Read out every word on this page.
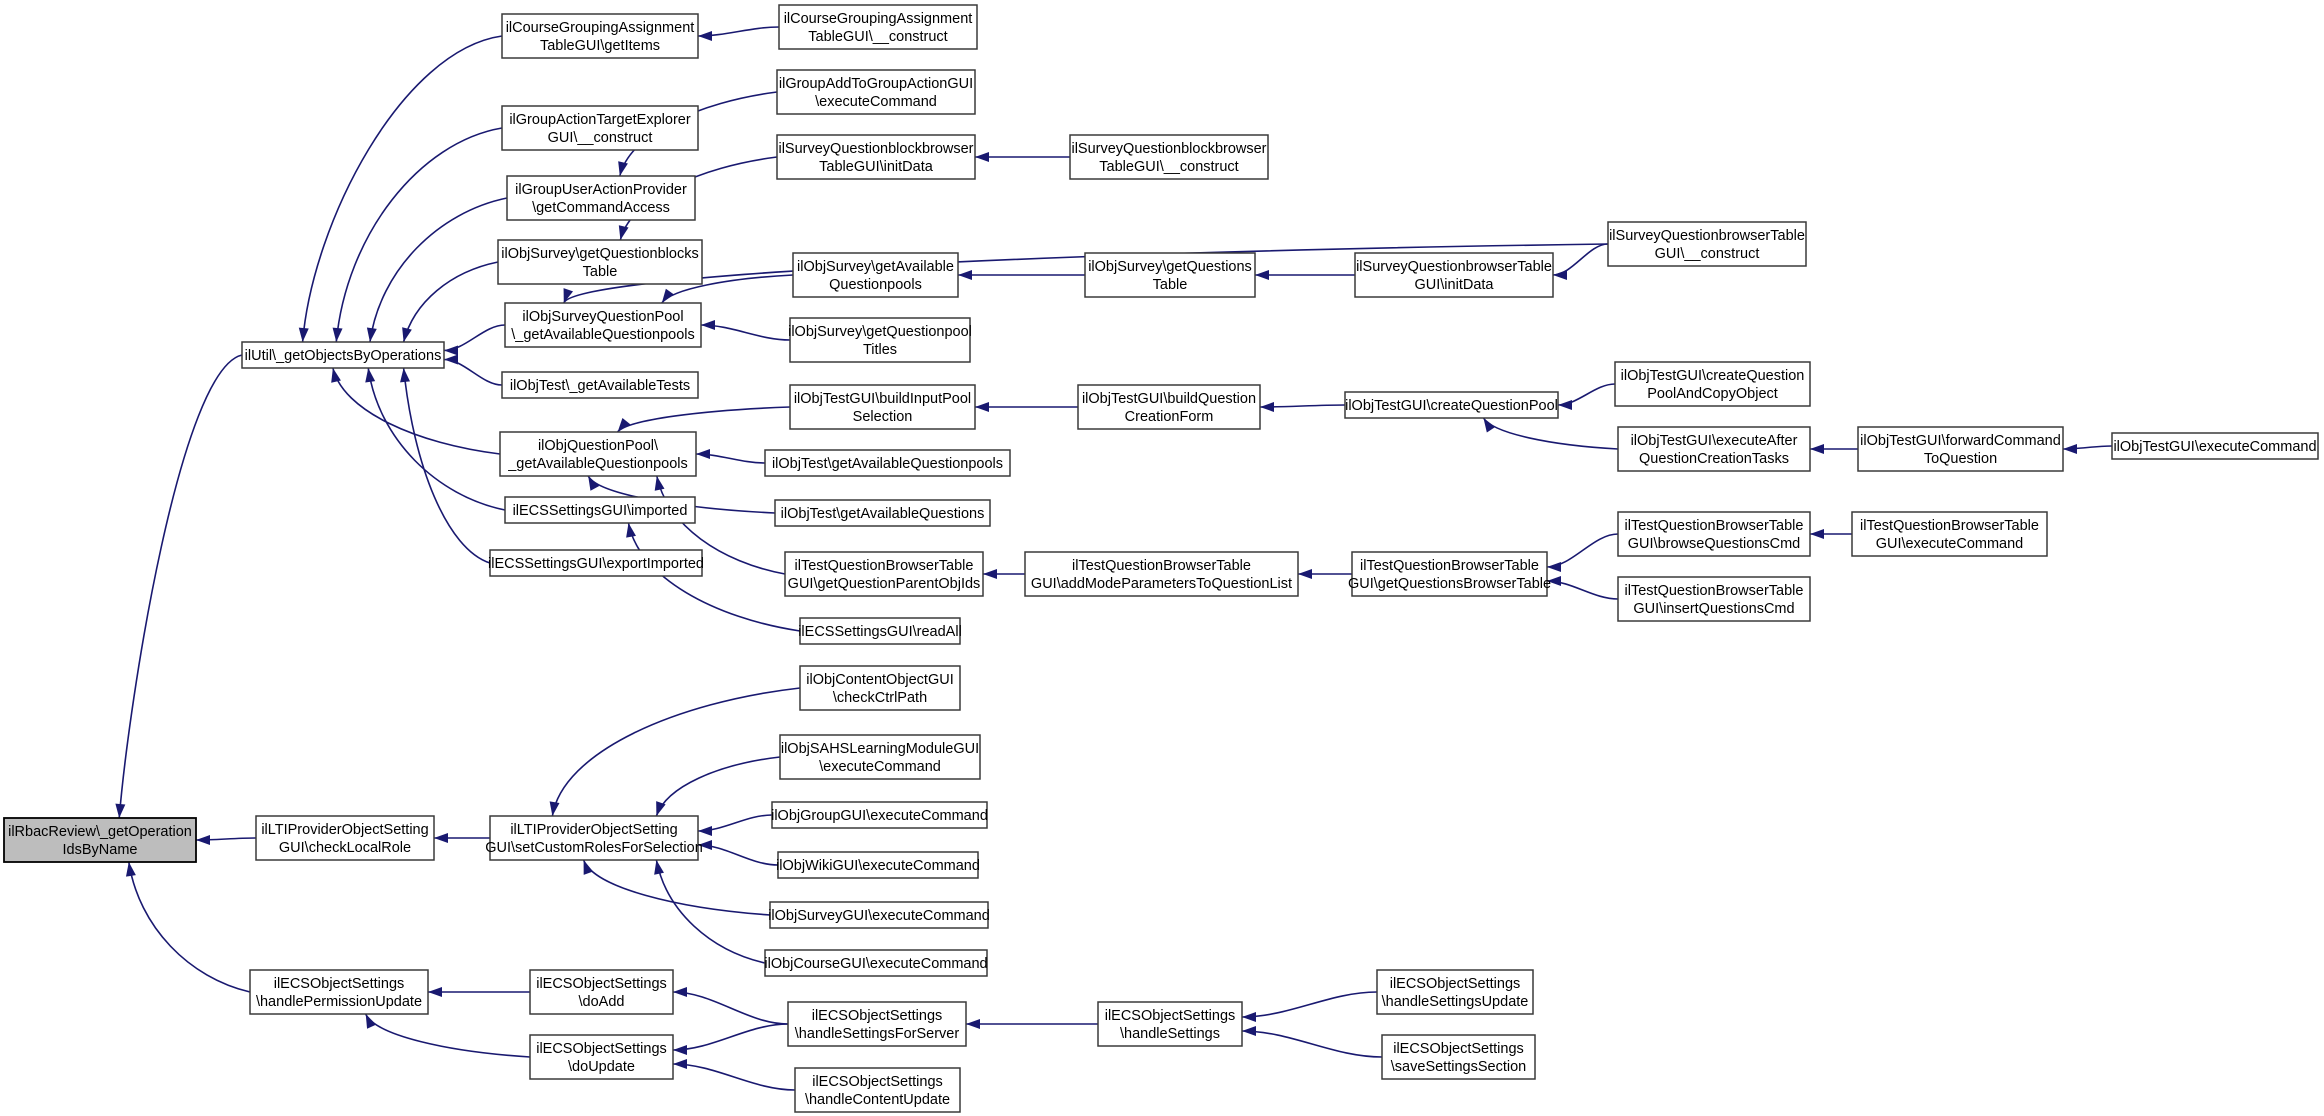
ilRbacReview\_getOperation IdsByName
ilUtil\_getObjectsByOperations
ilCourseGroupingAssignment TableGUI\getItems
ilCourseGroupingAssignment TableGUI\__construct
ilGroupActionTargetExplorer GUI\__construct
ilGroupAddToGroupActionGUI \executeCommand
ilGroupUserActionProvider \getCommandAccess
ilSurveyQuestionblockbrowser TableGUI\initData
ilSurveyQuestionblockbrowser TableGUI\__construct
ilObjSurvey\getQuestionblocks Table	ilObjSurvey\getAvailable Questionpools
ilObjSurvey\getQuestions Table
ilSurveyQuestionbrowserTable GUI\initData
ilSurveyQuestionbrowserTable GUI\__construct
ilObjSurveyQuestionPool \_getAvailableQuestionpools	ilObjSurvey\getQuestionpool Titles
ilObjTest\_getAvailableTests
ilObjTestGUI\buildInputPool Selection
ilObjTestGUI\buildQuestion CreationForm
ilObjTestGUI\createQuestionPool
ilObjTestGUI\createQuestion PoolAndCopyObject
ilObjTestGUI\executeAfter QuestionCreationTasks
ilObjTestGUI\forwardCommand ToQuestion
ilObjTestGUI\executeCommand
ilObjQuestionPool\ _getAvailableQuestionpools	ilObjTest\getAvailableQuestionpools
ilObjTest\getAvailableQuestions
ilECSSettingsGUI\imported
ilECSSettingsGUI\exportImported	ilTestQuestionBrowserTable GUI\getQuestionParentObjIds
ilTestQuestionBrowserTable GUI\addModeParametersToQuestionList
ilTestQuestionBrowserTable GUI\getQuestionsBrowserTable
ilTestQuestionBrowserTable GUI\browseQuestionsCmd
ilTestQuestionBrowserTable GUI\insertQuestionsCmd
ilTestQuestionBrowserTable GUI\executeCommand
ilECSSettingsGUI\readAll
ilObjContentObjectGUI \checkCtrlPath
ilObjSAHSLearningModuleGUI \executeCommand
ilObjGroupGUI\executeCommand
ilObjWikiGUI\executeCommand
ilObjSurveyGUI\executeCommand
ilObjCourseGUI\executeCommand
ilLTIProviderObjectSetting GUI\checkLocalRole
ilLTIProviderObjectSetting GUI\setCustomRolesForSelection
ilECSObjectSettings \handlePermissionUpdate
ilECSObjectSettings \doAdd
ilECSObjectSettings \doUpdate
ilECSObjectSettings \handleSettingsForServer
ilECSObjectSettings \handleContentUpdate
ilECSObjectSettings \handleSettings
ilECSObjectSettings \handleSettingsUpdate
ilECSObjectSettings \saveSettingsSection
